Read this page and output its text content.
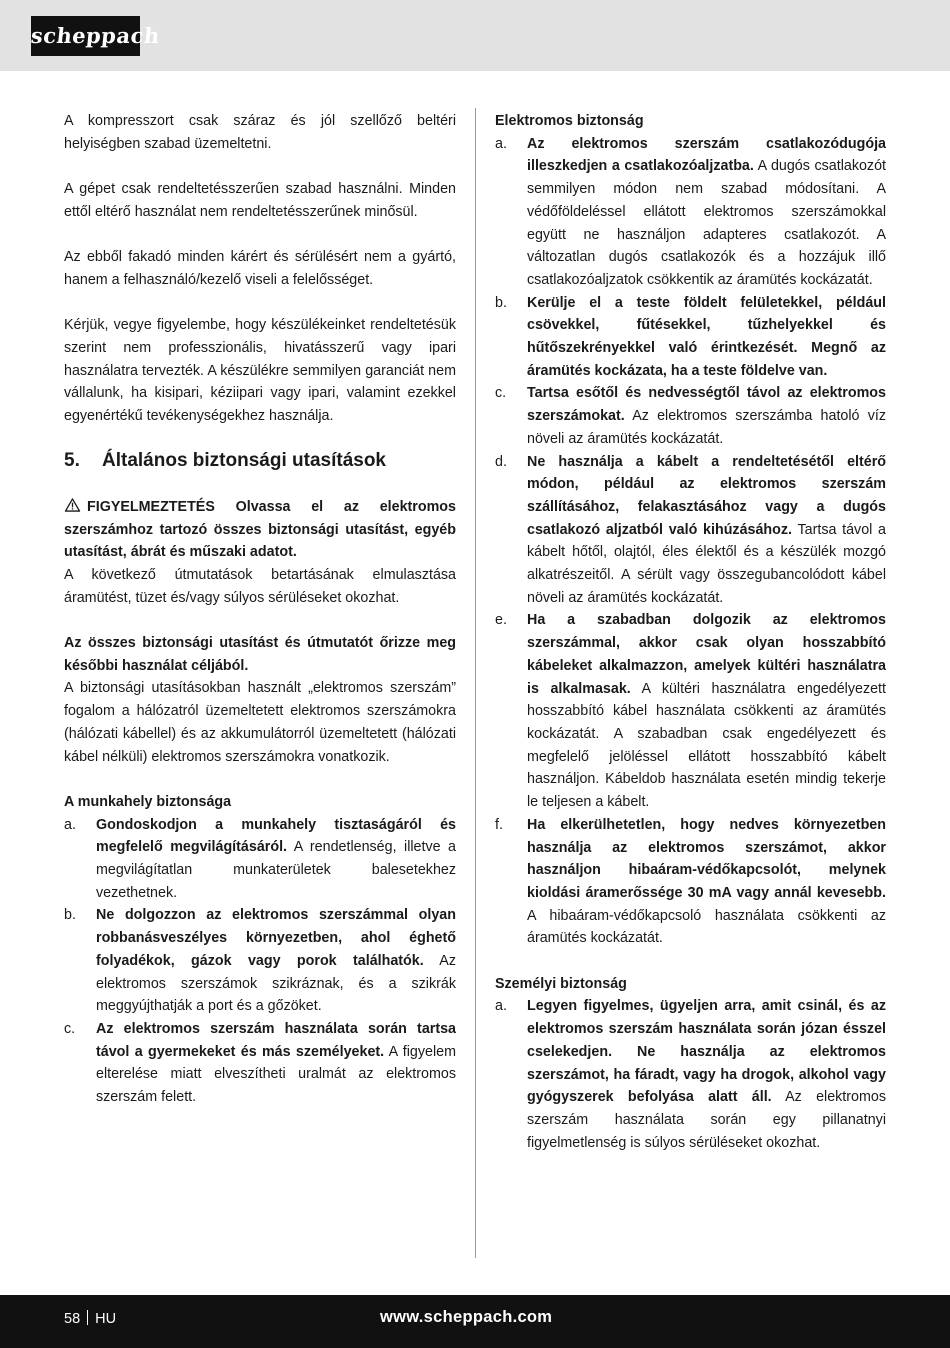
scheppach

A kompresszort csak száraz és jól szellőző beltéri helyiségben szabad üzemeltetni.

A gépet csak rendeltetésszerűen szabad használni. Minden ettől eltérő használat nem rendeltetésszerűnek minősül.

Az ebből fakadó minden kárért és sérülésért nem a gyártó, hanem a felhasználó/kezelő viseli a felelősséget.

Kérjük, vegye figyelembe, hogy készülékeinket rendeltetésük szerint nem professzionális, hivatásszerű vagy ipari használatra tervezték. A készülékre semmilyen garanciát nem vállalunk, ha kisipari, kéziipari vagy ipari, valamint ezekkel egyenértékű tevékenységekhez használja.

5.	Általános biztonsági utasítások

FIGYELMEZTETÉS Olvassa el az elektromos szerszámhoz tartozó összes biztonsági utasítást, egyéb utasítást, ábrát és műszaki adatot.

A következő útmutatások betartásának elmulasztása áramütést, tüzet és/vagy súlyos sérüléseket okozhat.

Az összes biztonsági utasítást és útmutatót őrizze meg későbbi használat céljából.

A biztonsági utasításokban használt „elektromos szerszám” fogalom a hálózatról üzemeltetett elektromos szerszámokra (hálózati kábellel) és az akkumulátorról üzemeltetett (hálózati kábel nélküli) elektromos szerszámokra vonatkozik.

A munkahely biztonsága

a.	Gondoskodjon a munkahely tisztaságáról és megfelelő megvilágításáról. A rendetlenség, illetve a megvilágítatlan munkaterületek balesetekhez vezethetnek.
b.	Ne dolgozzon az elektromos szerszámmal olyan robbanásveszélyes környezetben, ahol éghető folyadékok, gázok vagy porok találhatók. Az elektromos szerszámok szikráznak, és a szikrák meggyújthatják a port és a gőzöket.
c.	Az elektromos szerszám használata során tartsa távol a gyermekeket és más személyeket. A figyelem elterelése miatt elveszítheti uralmát az elektromos szerszám felett.

Elektromos biztonság

a.	Az elektromos szerszám csatlakozódugója illeszkedjen a csatlakozóaljzatba. A dugós csatlakozót semmilyen módon nem szabad módosítani. A védőföldeléssel ellátott elektromos szerszámokkal együtt ne használjon adapteres csatlakozót. A változatlan dugós csatlakozók és a hozzájuk illő csatlakozóaljzatok csökkentik az áramütés kockázatát.
b.	Kerülje el a teste földelt felületekkel, például csövekkel, fűtésekkel, tűzhelyekkel és hűtőszekrényekkel való érintkezését. Megnő az áramütés kockázata, ha a teste földelve van.
c.	Tartsa esőtől és nedvességtől távol az elektromos szerszámokat. Az elektromos szerszámba hatoló víz növeli az áramütés kockázatát.
d.	Ne használja a kábelt a rendeltetésétől eltérő módon, például az elektromos szerszám szállításához, felakasztásához vagy a dugós csatlakozó aljzatból való kihúzásához. Tartsa távol a kábelt hőtől, olajtól, éles élektől és a készülék mozgó alkatrészeitől. A sérült vagy összegubancolódott kábel növeli az áramütés kockázatát.
e.	Ha a szabadban dolgozik az elektromos szerszámmal, akkor csak olyan hosszabbító kábeleket alkalmazzon, amelyek kültéri használatra is alkalmasak. A kültéri használatra engedélyezett hosszabbító kábel használata csökkenti az áramütés kockázatát. A szabadban csak engedélyezett és megfelelő jelöléssel ellátott hosszabbító kábelt használjon. Kábeldob használata esetén mindig tekerje le teljesen a kábelt.
f.	Ha elkerülhetetlen, hogy nedves környezetben használja az elektromos szerszámot, akkor használjon hibaáram-védőkapcsolót, melynek kioldási áramerőssége 30 mA vagy annál kevesebb. A hibaáram-védőkapcsoló használata csökkenti az áramütés kockázatát.

Személyi biztonság

a.	Legyen figyelmes, ügyeljen arra, amit csinál, és az elektromos szerszám használata során józan ésszel cselekedjen. Ne használja az elektromos szerszámot, ha fáradt, vagy ha drogok, alkohol vagy gyógyszerek befolyása alatt áll. Az elektromos szerszám használata során egy pillanatnyi figyelmetlenség is súlyos sérüléseket okozhat.
58 HU	www.scheppach.com
